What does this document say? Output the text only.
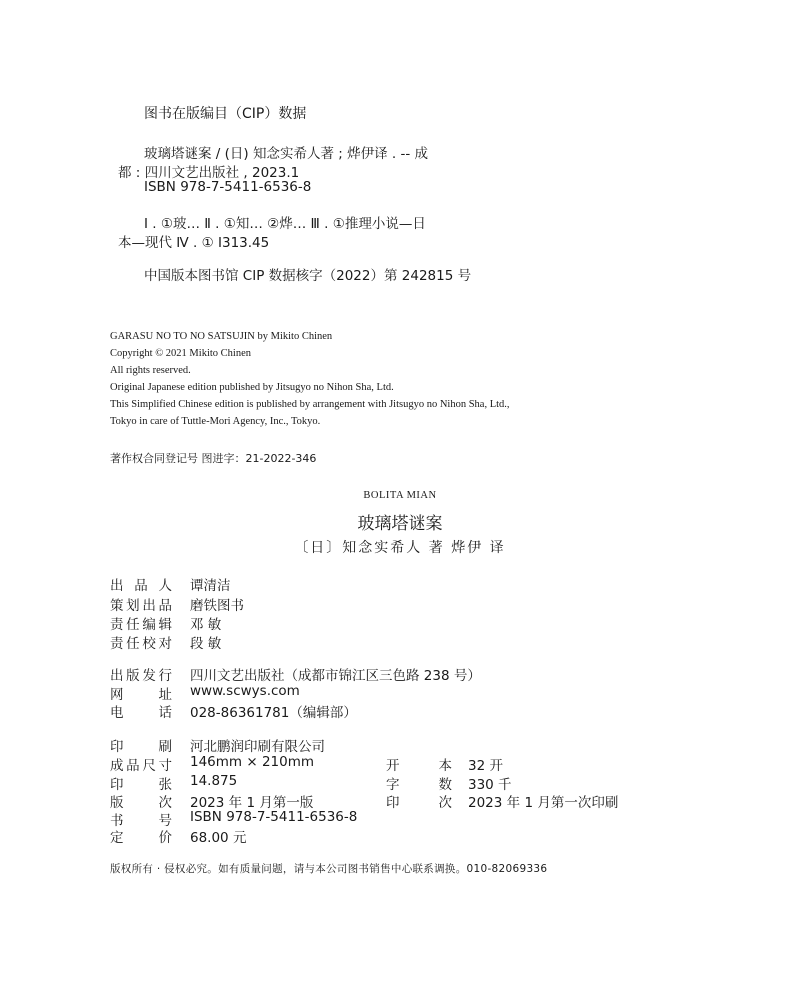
图书在版编目（CIP）数据
玻璃塔谜案 / (日) 知念实希人著 ; 烨伊译 . -- 成
都 : 四川文艺出版社 , 2023.1
ISBN 978-7-5411-6536-8
Ⅰ . ①玻… Ⅱ . ①知… ②烨… Ⅲ . ①推理小说—日
本—现代 Ⅳ . ① I313.45
中国版本图书馆 CIP 数据核字（2022）第 242815 号
GARASU NO TO NO SATSUJIN by Mikito Chinen
Copyright © 2021 Mikito Chinen
All rights reserved.
Original Japanese edition published by Jitsugyo no Nihon Sha, Ltd.
This Simplified Chinese edition is published by arrangement with Jitsugyo no Nihon Sha, Ltd.,
Tokyo in care of Tuttle-Mori Agency, Inc., Tokyo.
著作权合同登记号 图进字：21-2022-346
BOLITA MIAN
玻璃塔谜案
〔日〕知念实希人 著 烨伊 译
出品人 谭清洁
策划出品 磨铁图书
责任编辑 邓 敏
责任校对 段 敏
出版发行 四川文艺出版社（成都市锦江区三色路 238 号）
网址 www.scwys.com
电话 028-86361781（编辑部）
印刷 河北鹏润印刷有限公司
成品尺寸 146mm × 210mm
印张 14.875
版次 2023 年 1 月第一版
书号 ISBN 978-7-5411-6536-8
定价 68.00 元
开本 32 开
字数 330 千
印次 2023 年 1 月第一次印刷
版权所有 · 侵权必究。如有质量问题，请与本公司图书销售中心联系调换。010-82069336
